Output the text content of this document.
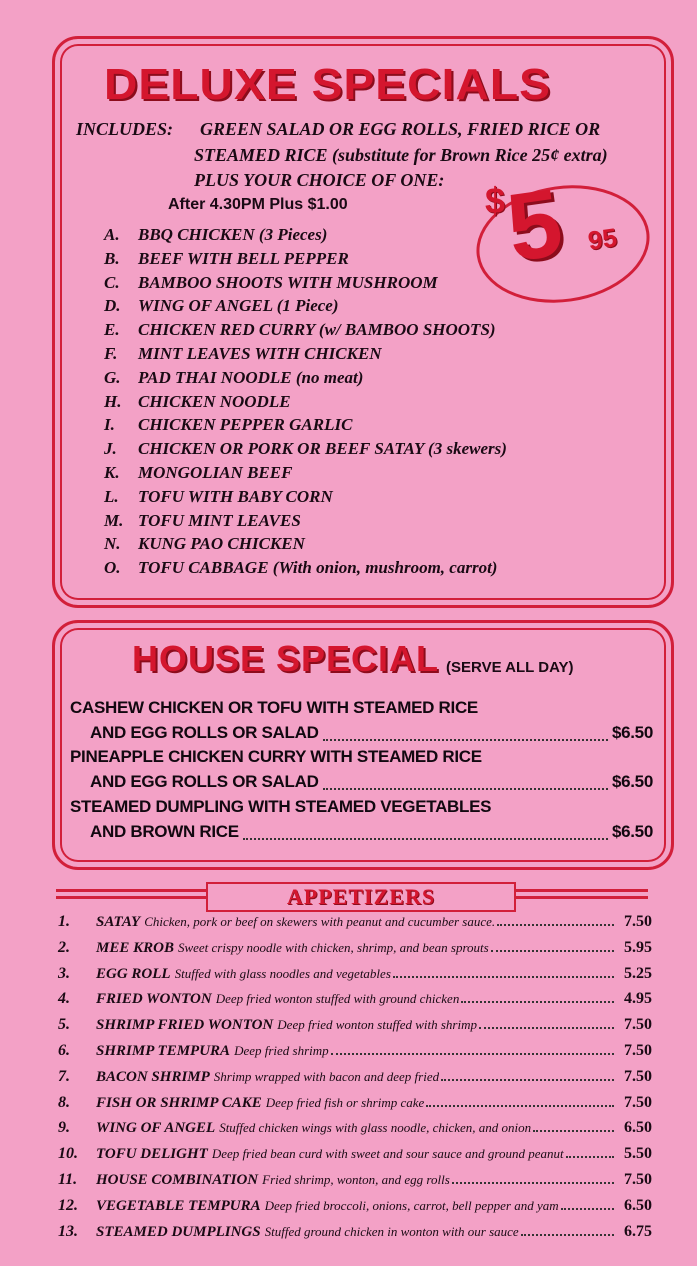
DELUXE SPECIALS
INCLUDES: GREEN SALAD OR EGG ROLLS, FRIED RICE OR
STEAMED RICE (substitute for Brown Rice 25¢ extra)
PLUS YOUR CHOICE OF ONE:
After 4.30PM Plus $1.00	$
5 95
A. BBQ CHICKEN (3 Pieces)
B. BEEF WITH BELL PEPPER
C. BAMBOO SHOOTS WITH MUSHROOM
D. WING OF ANGEL (1 Piece)
E. CHICKEN RED CURRY (w/ BAMBOO SHOOTS)
F. MINT LEAVES WITH CHICKEN
G. PAD THAI NOODLE (no meat)
H. CHICKEN NOODLE
I. CHICKEN PEPPER GARLIC
J. CHICKEN OR PORK OR BEEF SATAY (3 skewers)
K. MONGOLIAN BEEF
L. TOFU WITH BABY CORN
M. TOFU MINT LEAVES
N. KUNG PAO CHICKEN
O. TOFU CABBAGE (With onion, mushroom, carrot)
HOUSE SPECIAL (SERVE ALL DAY)
CASHEW CHICKEN OR TOFU WITH STEAMED RICE
AND EGG ROLLS OR SALAD	$6.50
PINEAPPLE CHICKEN CURRY WITH STEAMED RICE
AND EGG ROLLS OR SALAD	$6.50
STEAMED DUMPLING WITH STEAMED VEGETABLES
AND BROWN RICE	$6.50
APPETIZERS
1.	SATAY Chicken, pork or beef on skewers with peanut and cucumber sauce.	7.50
2.	MEE KROB Sweet crispy noodle with chicken, shrimp, and bean sprouts	5.95
3.	EGG ROLL Stuffed with glass noodles and vegetables	5.25
4.	FRIED WONTON Deep fried wonton stuffed with ground chicken	4.95
5.	SHRIMP FRIED WONTON Deep fried wonton stuffed with shrimp	7.50
6.	SHRIMP TEMPURA Deep fried shrimp	7.50
7.	BACON SHRIMP Shrimp wrapped with bacon and deep fried	7.50
8.	FISH OR SHRIMP CAKE Deep fried fish or shrimp cake	7.50
9.	WING OF ANGEL Stuffed chicken wings with glass noodle, chicken, and onion	6.50
10.	TOFU DELIGHT Deep fried bean curd with sweet and sour sauce and ground peanut	5.50
11.	HOUSE COMBINATION Fried shrimp, wonton, and egg rolls	7.50
12.	VEGETABLE TEMPURA Deep fried broccoli, onions, carrot, bell pepper and yam	6.50
13.	STEAMED DUMPLINGS Stuffed ground chicken in wonton with our sauce	6.75
